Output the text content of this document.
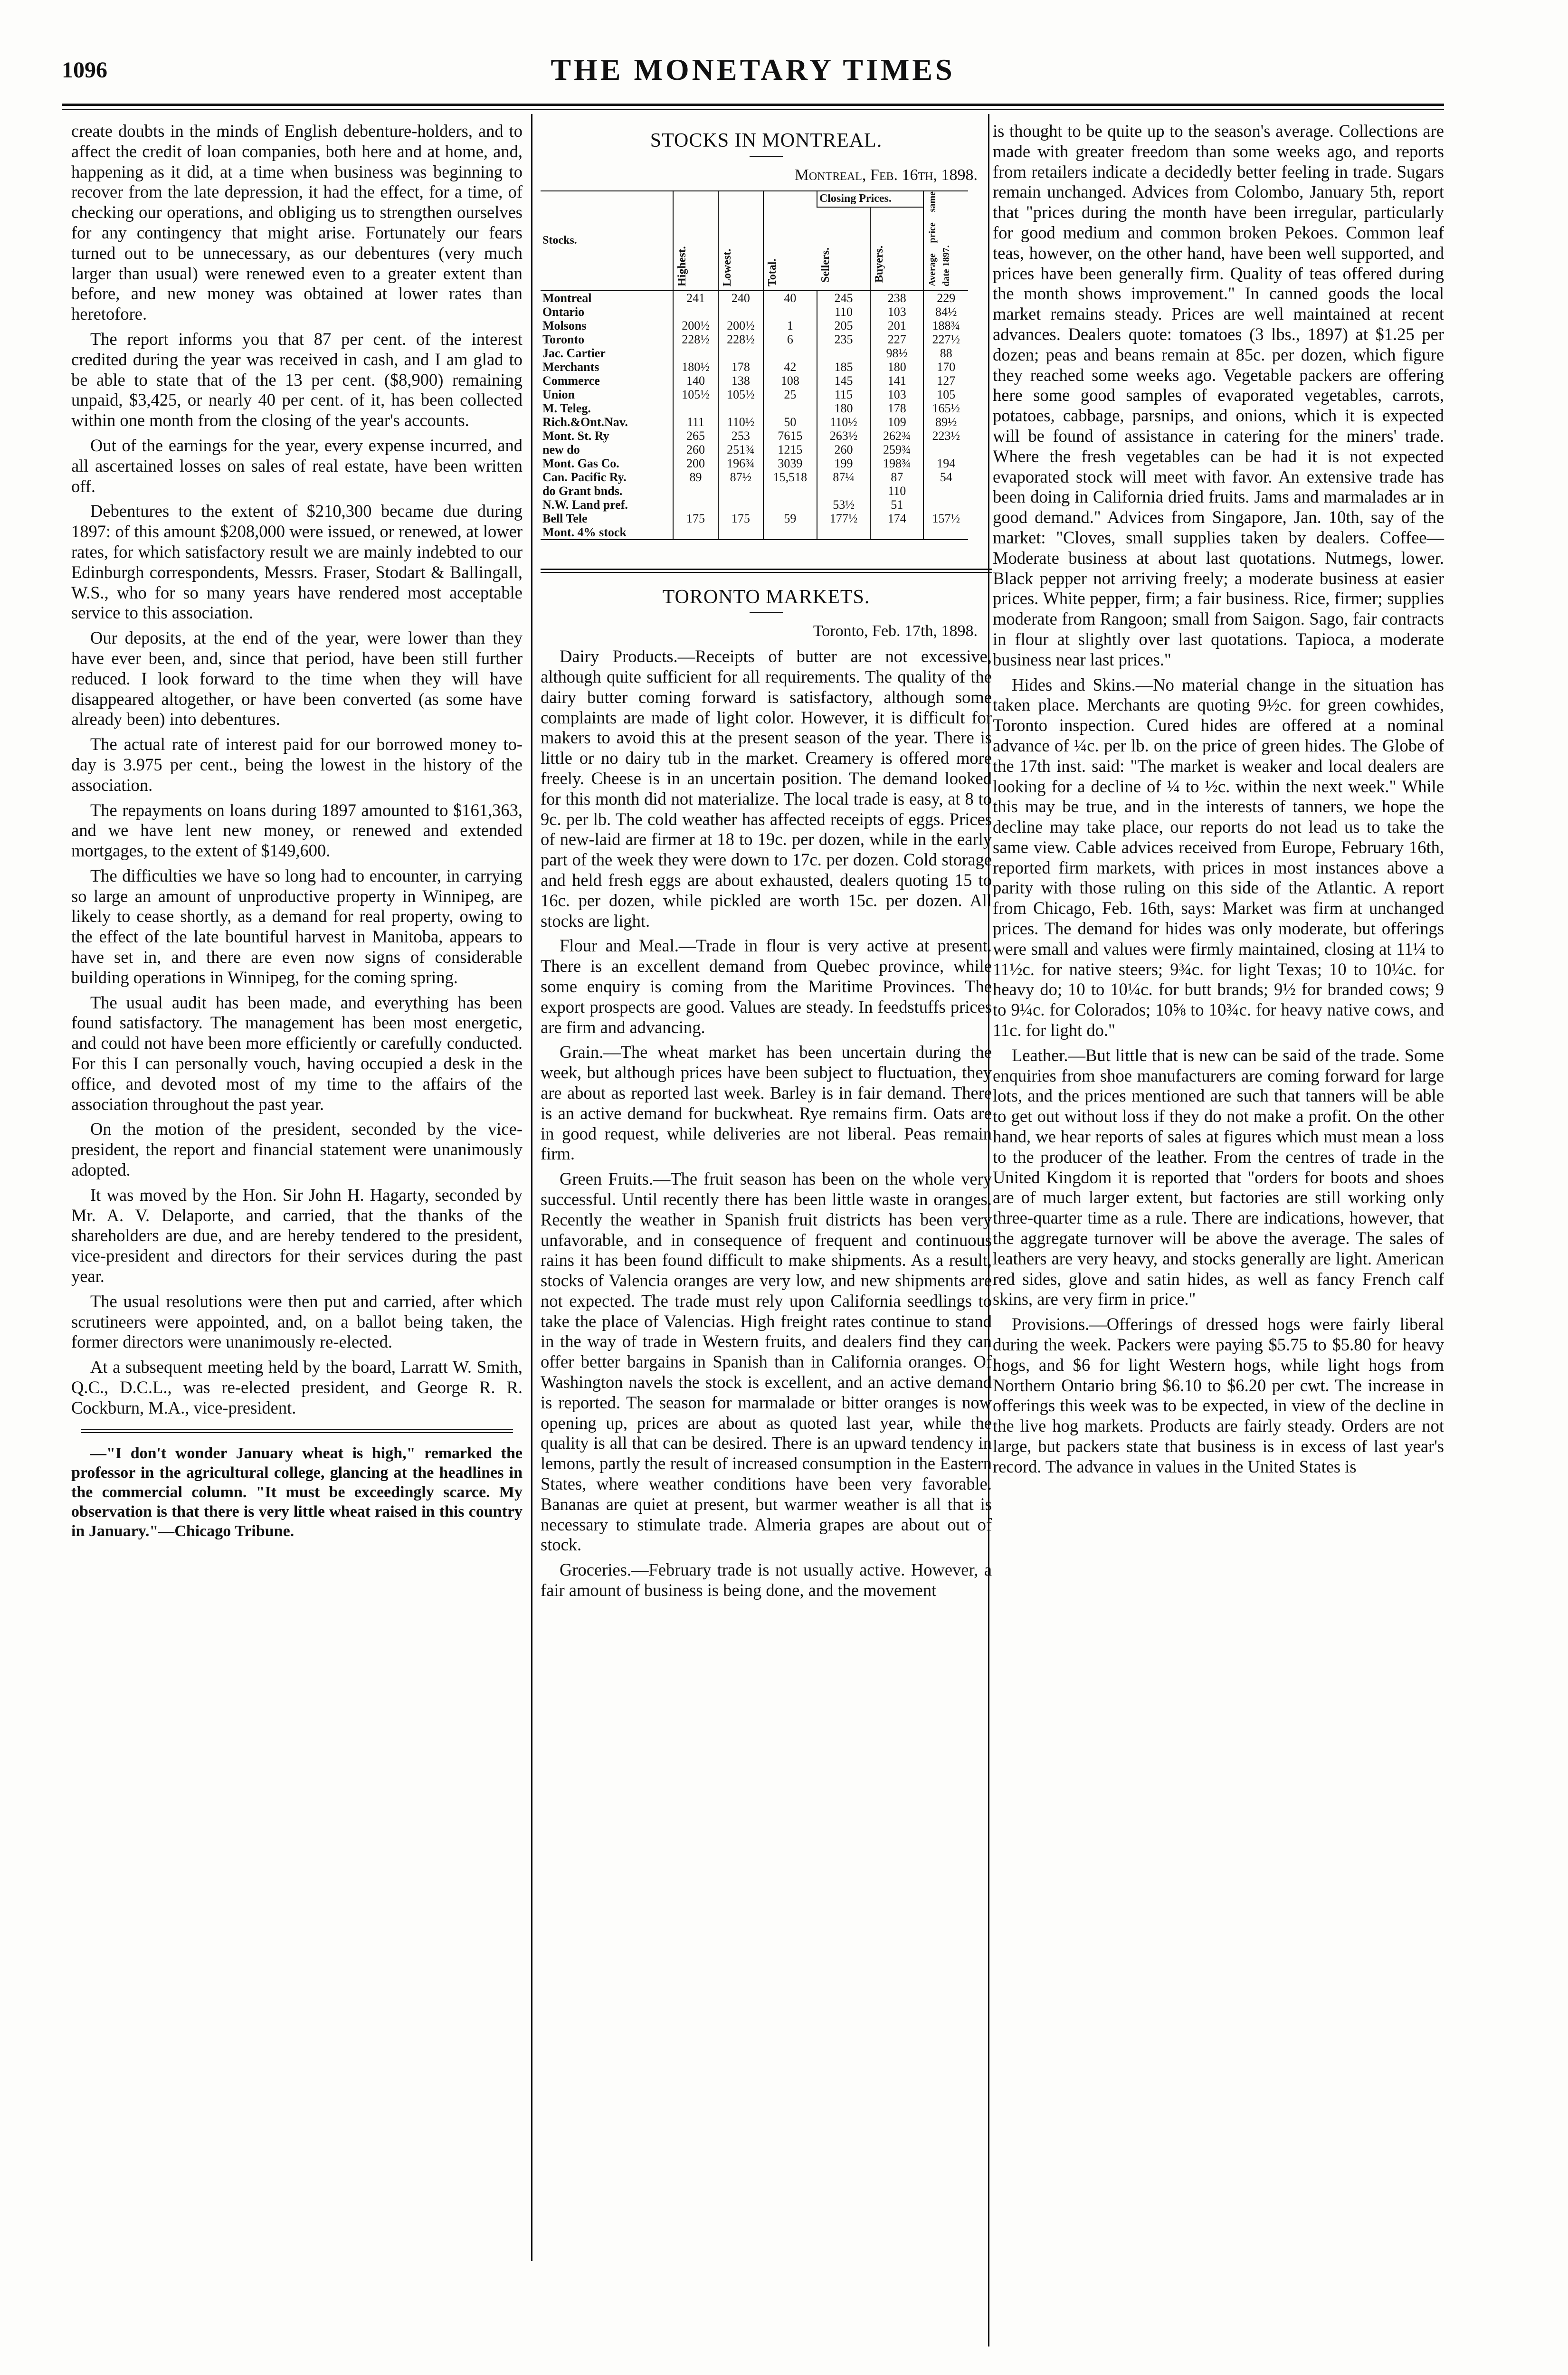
1096	THE MONETARY TIMES

create doubts in the minds of English debenture-holders, and to affect the credit of loan companies, both here and at home, and, happening as it did, at a time when business was beginning to recover from the late depression, it had the effect, for a time, of checking our operations, and obliging us to strengthen ourselves for any contingency that might arise. Fortunately our fears turned out to be unnecessary, as our debentures (very much larger than usual) were renewed even to a greater extent than before, and new money was obtained at lower rates than heretofore.

The report informs you that 87 per cent. of the interest credited during the year was received in cash, and I am glad to be able to state that of the 13 per cent. ($8,900) remaining unpaid, $3,425, or nearly 40 per cent. of it, has been collected within one month from the closing of the year's accounts.

Out of the earnings for the year, every expense incurred, and all ascertained losses on sales of real estate, have been written off.

Debentures to the extent of $210,300 became due during 1897: of this amount $208,000 were issued, or renewed, at lower rates, for which satisfactory result we are mainly indebted to our Edinburgh correspondents, Messrs. Fraser, Stodart & Ballingall, W.S., who for so many years have rendered most acceptable service to this association.

Our deposits, at the end of the year, were lower than they have ever been, and, since that period, have been still further reduced. I look forward to the time when they will have disappeared altogether, or have been converted (as some have already been) into debentures.

The actual rate of interest paid for our borrowed money to-day is 3.975 per cent., being the lowest in the history of the association.

The repayments on loans during 1897 amounted to $161,363, and we have lent new money, or renewed and extended mortgages, to the extent of $149,600.

The difficulties we have so long had to encounter, in carrying so large an amount of unproductive property in Winnipeg, are likely to cease shortly, as a demand for real property, owing to the effect of the late bountiful harvest in Manitoba, appears to have set in, and there are even now signs of considerable building operations in Winnipeg, for the coming spring.

The usual audit has been made, and everything has been found satisfactory. The management has been most energetic, and could not have been more efficiently or carefully conducted. For this I can personally vouch, having occupied a desk in the office, and devoted most of my time to the affairs of the association throughout the past year.

On the motion of the president, seconded by the vice-president, the report and financial statement were unanimously adopted.

It was moved by the Hon. Sir John H. Hagarty, seconded by Mr. A. V. Delaporte, and carried, that the thanks of the shareholders are due, and are hereby tendered to the president, vice-president and directors for their services during the past year.

The usual resolutions were then put and carried, after which scrutineers were appointed, and, on a ballot being taken, the former directors were unanimously re-elected.

At a subsequent meeting held by the board, Larratt W. Smith, Q.C., D.C.L., was re-elected president, and George R. R. Cockburn, M.A., vice-president.

—"I don't wonder January wheat is high," remarked the professor in the agricultural college, glancing at the headlines in the commercial column. "It must be exceedingly scarce. My observation is that there is very little wheat raised in this country in January."—Chicago Tribune.

STOCKS IN MONTREAL.
Montreal, Feb. 16th, 1898.
Stocks.	Highest.	Lowest.	Total.	Closing Prices.		Average price same date 1897.
				Sellers.	Buyers.	
Montreal	241	240	40	245	238	229
Ontario				110	103	84½
Molsons	200½	200½	1	205	201	188¾
Toronto	228½	228½	6	235	227	227½
Jac. Cartier					98½	88
Merchants	180½	178	42	185	180	170
Commerce	140	138	108	145	141	127
Union	105½	105½	25	115	103	105
M. Teleg.				180	178	165½
Rich.&Ont.Nav.	111	110½	50	110½	109	89½
Mont. St. Ry	265	253	7615	263½	262¾	223½
new do	260	251¾	1215	260	259¾	
Mont. Gas Co.	200	196¾	3039	199	198¾	194
Can. Pacific Ry.	89	87½	15,518	87¼	87	54
do Grant bnds.					110	
N.W. Land pref.				53½	51	
Bell Tele	175	175	59	177½	174	157½
Mont. 4% stock						
TORONTO MARKETS.
Toronto, Feb. 17th, 1898.

Dairy Products.—Receipts of butter are not excessive, although quite sufficient for all requirements. The quality of the dairy butter coming forward is satisfactory, although some complaints are made of light color. However, it is difficult for makers to avoid this at the present season of the year. There is little or no dairy tub in the market. Creamery is offered more freely. Cheese is in an uncertain position. The demand looked for this month did not materialize. The local trade is easy, at 8 to 9c. per lb. The cold weather has affected receipts of eggs. Prices of new-laid are firmer at 18 to 19c. per dozen, while in the early part of the week they were down to 17c. per dozen. Cold storage and held fresh eggs are about exhausted, dealers quoting 15 to 16c. per dozen, while pickled are worth 15c. per dozen. All stocks are light.

Flour and Meal.—Trade in flour is very active at present. There is an excellent demand from Quebec province, while some enquiry is coming from the Maritime Provinces. The export prospects are good. Values are steady. In feedstuffs prices are firm and advancing.

Grain.—The wheat market has been uncertain during the week, but although prices have been subject to fluctuation, they are about as reported last week. Barley is in fair demand. There is an active demand for buckwheat. Rye remains firm. Oats are in good request, while deliveries are not liberal. Peas remain firm.

Green Fruits.—The fruit season has been on the whole very successful. Until recently there has been little waste in oranges. Recently the weather in Spanish fruit districts has been very unfavorable, and in consequence of frequent and continuous rains it has been found difficult to make shipments. As a result, stocks of Valencia oranges are very low, and new shipments are not expected. The trade must rely upon California seedlings to take the place of Valencias. High freight rates continue to stand in the way of trade in Western fruits, and dealers find they can offer better bargains in Spanish than in California oranges. Of Washington navels the stock is excellent, and an active demand is reported. The season for marmalade or bitter oranges is now opening up, prices are about as quoted last year, while the quality is all that can be desired. There is an upward tendency in lemons, partly the result of increased consumption in the Eastern States, where weather conditions have been very favorable. Bananas are quiet at present, but warmer weather is all that is necessary to stimulate trade. Almeria grapes are about out of stock.

Groceries.—February trade is not usually active. However, a fair amount of business is being done, and the movement

is thought to be quite up to the season's average. Collections are made with greater freedom than some weeks ago, and reports from retailers indicate a decidedly better feeling in trade. Sugars remain unchanged. Advices from Colombo, January 5th, report that "prices during the month have been irregular, particularly for good medium and common broken Pekoes. Common leaf teas, however, on the other hand, have been well supported, and prices have been generally firm. Quality of teas offered during the month shows improvement." In canned goods the local market remains steady. Prices are well maintained at recent advances. Dealers quote: tomatoes (3 lbs., 1897) at $1.25 per dozen; peas and beans remain at 85c. per dozen, which figure they reached some weeks ago. Vegetable packers are offering here some good samples of evaporated vegetables, carrots, potatoes, cabbage, parsnips, and onions, which it is expected will be found of assistance in catering for the miners' trade. Where the fresh vegetables can be had it is not expected evaporated stock will meet with favor. An extensive trade has been doing in California dried fruits. Jams and marmalades ar in good demand." Advices from Singapore, Jan. 10th, say of the market: "Cloves, small supplies taken by dealers. Coffee—Moderate business at about last quotations. Nutmegs, lower. Black pepper not arriving freely; a moderate business at easier prices. White pepper, firm; a fair business. Rice, firmer; supplies moderate from Rangoon; small from Saigon. Sago, fair contracts in flour at slightly over last quotations. Tapioca, a moderate business near last prices."

Hides and Skins.—No material change in the situation has taken place. Merchants are quoting 9½c. for green cowhides, Toronto inspection. Cured hides are offered at a nominal advance of ¼c. per lb. on the price of green hides. The Globe of the 17th inst. said: "The market is weaker and local dealers are looking for a decline of ¼ to ½c. within the next week." While this may be true, and in the interests of tanners, we hope the decline may take place, our reports do not lead us to take the same view. Cable advices received from Europe, February 16th, reported firm markets, with prices in most instances above a parity with those ruling on this side of the Atlantic. A report from Chicago, Feb. 16th, says: Market was firm at unchanged prices. The demand for hides was only moderate, but offerings were small and values were firmly maintained, closing at 11¼ to 11½c. for native steers; 9¾c. for light Texas; 10 to 10¼c. for heavy do; 10 to 10¼c. for butt brands; 9½ for branded cows; 9 to 9¼c. for Colorados; 10⅝ to 10¾c. for heavy native cows, and 11c. for light do."

Leather.—But little that is new can be said of the trade. Some enquiries from shoe manufacturers are coming forward for large lots, and the prices mentioned are such that tanners will be able to get out without loss if they do not make a profit. On the other hand, we hear reports of sales at figures which must mean a loss to the producer of the leather. From the centres of trade in the United Kingdom it is reported that "orders for boots and shoes are of much larger extent, but factories are still working only three-quarter time as a rule. There are indications, however, that the aggregate turnover will be above the average. The sales of leathers are very heavy, and stocks generally are light. American red sides, glove and satin hides, as well as fancy French calf skins, are very firm in price."

Provisions.—Offerings of dressed hogs were fairly liberal during the week. Packers were paying $5.75 to $5.80 for heavy hogs, and $6 for light Western hogs, while light hogs from Northern Ontario bring $6.10 to $6.20 per cwt. The increase in offerings this week was to be expected, in view of the decline in the live hog markets. Products are fairly steady. Orders are not large, but packers state that business is in excess of last year's record. The advance in values in the United States is
